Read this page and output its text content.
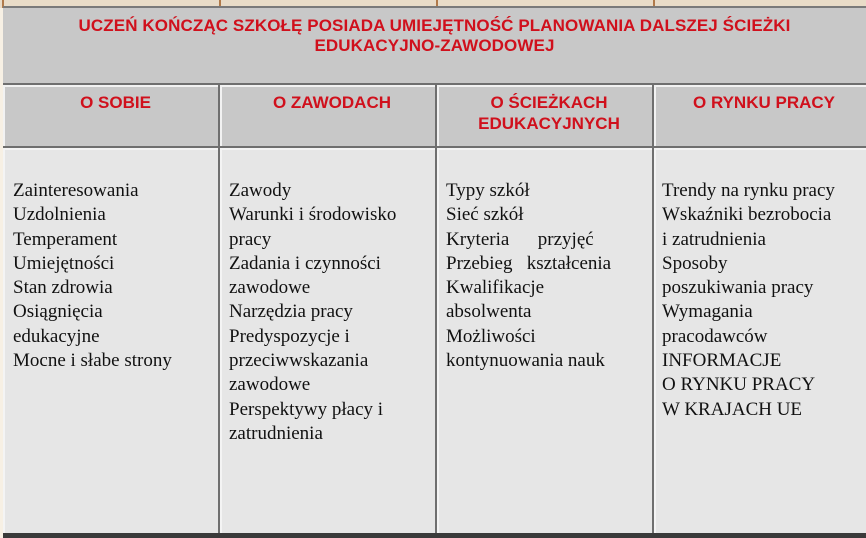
UCZEŃ KOŃCZĄC SZKOŁĘ POSIADA UMIEJĘTNOŚĆ PLANOWANIA DALSZEJ ŚCIEŻKI
EDUKACYJNO-ZAWODOWEJ
O SOBIE	O ZAWODACH	O ŚCIEŻKACH
EDUKACYJNYCH
O RYNKU PRACY
Zainteresowania
Uzdolnienia
Temperament
Umiejętności
Stan zdrowia
Osiągnięcia
edukacyjne
Mocne i słabe strony
Zawody
Warunki i środowisko
pracy
Zadania i czynności
zawodowe
Narzędzia pracy
Predyspozycje i
przeciwwskazania
zawodowe
Perspektywy płacy i
zatrudnienia
Typy szkół
Sieć szkół
Kryteria      przyjęć
Przebieg   kształcenia
Kwalifikacje
absolwenta
Możliwości
kontynuowania nauk
Trendy na rynku pracy
Wskaźniki bezrobocia
i zatrudnienia
Sposoby
poszukiwania pracy
Wymagania
pracodawców
INFORMACJE
O RYNKU PRACY
W KRAJACH UE
